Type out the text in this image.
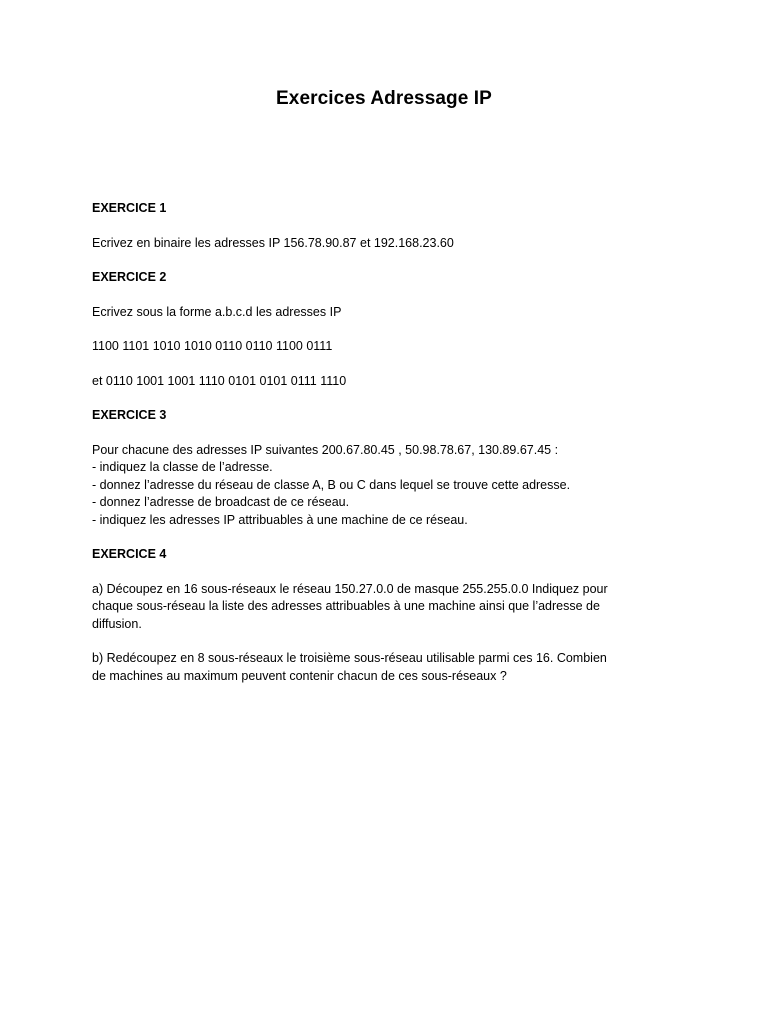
Exercices Adressage IP
EXERCICE 1
Ecrivez en binaire les adresses IP 156.78.90.87 et 192.168.23.60
EXERCICE 2
Ecrivez sous la forme a.b.c.d les adresses IP
1100 1101 1010 1010 0110 0110 1100 0111
et 0110 1001 1001 1110 0101 0101 0111 1110
EXERCICE 3
Pour chacune des adresses IP suivantes 200.67.80.45 , 50.98.78.67, 130.89.67.45 :
- indiquez la classe de l’adresse.
- donnez l’adresse du réseau de classe A, B ou C dans lequel se trouve cette adresse.
- donnez l’adresse de broadcast de ce réseau.
- indiquez les adresses IP attribuables à une machine de ce réseau.
EXERCICE 4
a) Découpez en 16 sous-réseaux le réseau 150.27.0.0 de masque 255.255.0.0 Indiquez pour
chaque sous-réseau la liste des adresses attribuables à une machine ainsi que l’adresse de
diffusion.
b) Redécoupez en 8 sous-réseaux le troisième sous-réseau utilisable parmi ces 16. Combien
de machines au maximum peuvent contenir chacun de ces sous-réseaux ?
